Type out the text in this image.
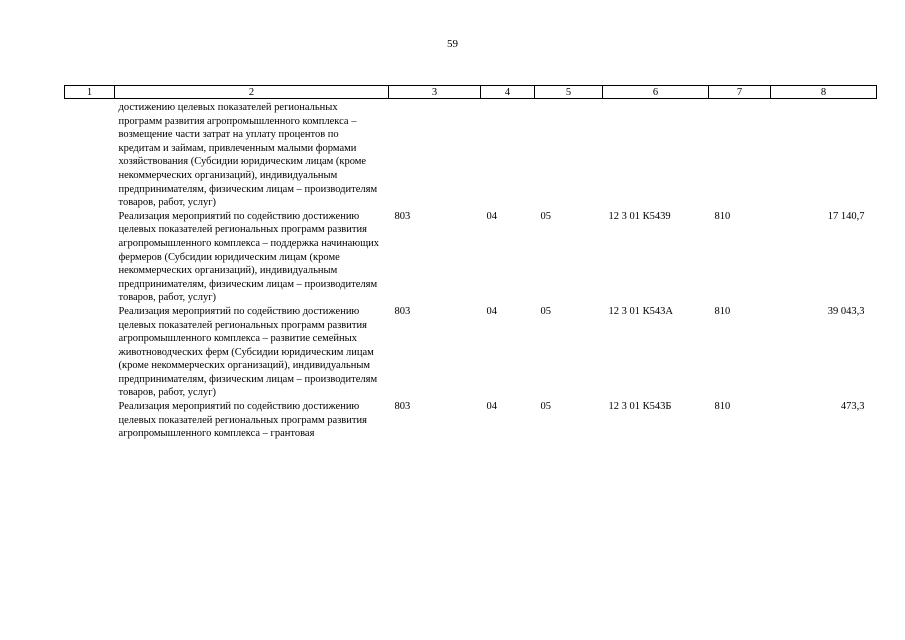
59
1	2	3	4	5	6	7	8
	достижению целевых показателей региональных программ развития агропромышленного комплекса – возмещение части затрат на уплату процентов по кредитам и займам, привлеченным малыми формами хозяйствования (Субсидии юридическим лицам (кроме некоммерческих организаций), индивидуальным предпринимателям, физическим лицам – производителям товаров, работ, услуг)						
	Реализация мероприятий по содействию достижению целевых показателей региональных программ развития агропромышленного комплекса – поддержка начинающих фермеров (Субсидии юридическим лицам (кроме некоммерческих организаций), индивидуальным предпринимателям, физическим лицам – производителям товаров, работ, услуг)	803	04	05	12 3 01 К5439	810	17 140,7
	Реализация мероприятий по содействию достижению целевых показателей региональных программ развития агропромышленного комплекса – развитие семейных животноводческих ферм (Субсидии юридическим лицам (кроме некоммерческих организаций), индивидуальным предпринимателям, физическим лицам – производителям товаров, работ, услуг)	803	04	05	12 3 01 К543А	810	39 043,3
	Реализация мероприятий по содействию достижению целевых показателей региональных программ развития агропромышленного комплекса – грантовая	803	04	05	12 3 01 К543Б	810	473,3
